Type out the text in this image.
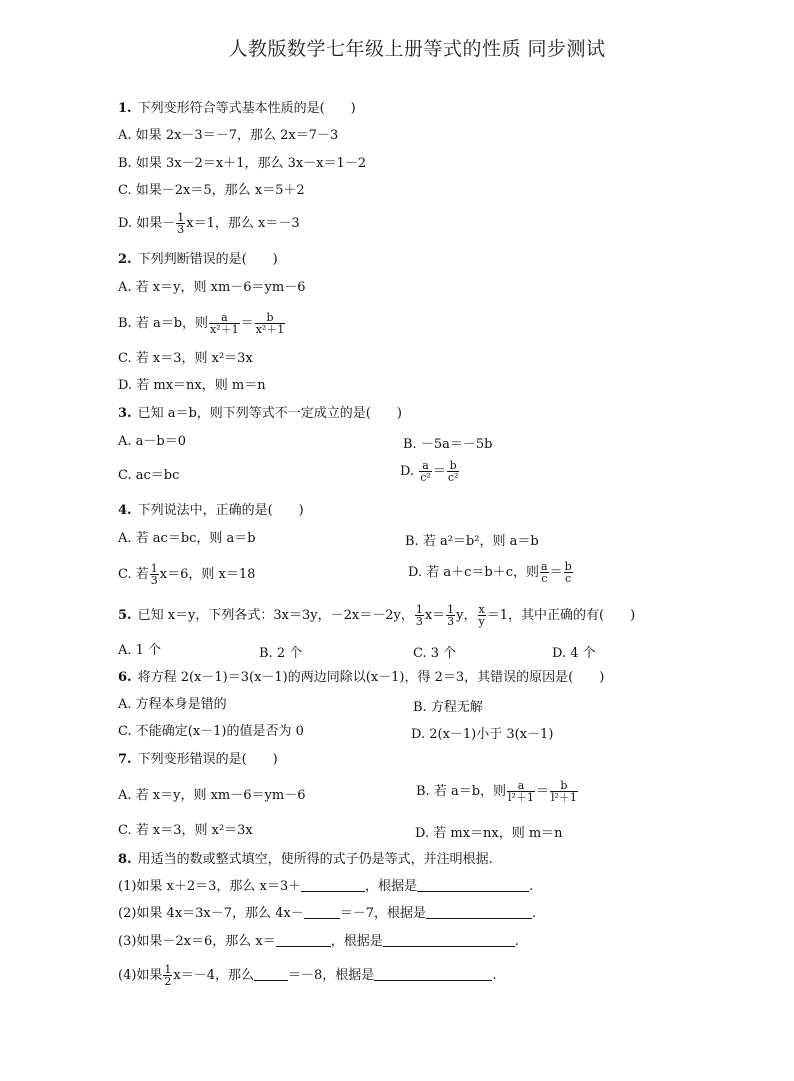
人教版数学七年级上册等式的性质 同步测试
1. 下列变形符合等式基本性质的是(　　)
A. 如果 2x－3＝－7，那么 2x＝7－3
B. 如果 3x－2＝x＋1，那么 3x－x＝1－2
C. 如果－2x＝5，那么 x＝5＋2
D. 如果－ $\frac{1}{3} x=1$，那么 x＝－3
2. 下列判断错误的是(　　)
A. 若 x＝y，则 xm－6＝ym－6
B. 若 a＝b，则 $\frac{a}{\text{x²＋1}} = \frac{b}{\text{x²＋1}}$
C. 若 x＝3，则 x²＝3x
D. 若 mx＝nx，则 m＝n
3. 已知 a＝b，则下列等式不一定成立的是(　　)
A. a－b＝0	B. －5a＝－5b
C. ac＝bc	D. $\frac{a}{\text{c²}} = \frac{b}{\text{c²}}$
4. 下列说法中，正确的是(　　)
A. 若 ac＝bc，则 a＝b	B. 若 a²＝b²，则 a＝b
C. 若 $\frac{1}{3} x=6$，则 x＝18	D. 若 a＋c＝b＋c，则 $\frac{a}{c} = \frac{b}{c}$
5. 已知 x＝y，下列各式：3x＝3y，－2x＝－2y， $\frac{1}{3} x= \frac{1}{3}$ y， $\frac{x}{y} =1$，其中正确的有(　　)
A. 1 个	B. 2 个	C. 3 个	D. 4 个
6. 将方程 2(x－1)＝3(x－1)的两边同除以(x－1)，得 2＝3，其错误的原因是(　　)
A. 方程本身是错的	B. 方程无解
C. 不能确定(x－1)的值是否为 0	D. 2(x－1)小于 3(x－1)
7. 下列变形错误的是(　　)
A. 若 x＝y，则 xm－6＝ym－6	B. 若 a＝b，则 $\frac{a}{\text{l²＋1}} = \frac{b}{\text{l²＋1}}$
C. 若 x＝3，则 x²＝3x	D. 若 mx＝nx，则 m＝n
8. 用适当的数或整式填空，使所得的式子仍是等式，并注明根据.
(1)如果 x＋2＝3，那么 x＝3＋	，根据是	.
(2)如果 4x＝3x－7，那么 4x－	＝－7，根据是	.
(3)如果－2x＝6，那么 x＝	，根据是	.
(4)如果 $\frac{1}{2} x=-4$，那么	＝－8，根据是	.
